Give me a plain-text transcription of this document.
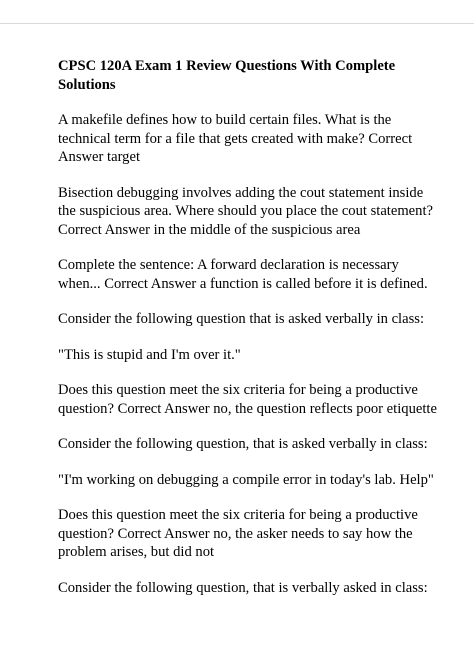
CPSC 120A Exam 1 Review Questions With Complete Solutions

A makefile defines how to build certain files. What is the technical term for a file that gets created with make? Correct Answer target

Bisection debugging involves adding the cout statement inside the suspicious area. Where should you place the cout statement? Correct Answer in the middle of the suspicious area

Complete the sentence: A forward declaration is necessary when... Correct Answer a function is called before it is defined.

Consider the following question that is asked verbally in class:

"This is stupid and I'm over it."

Does this question meet the six criteria for being a productive question? Correct Answer no, the question reflects poor etiquette

Consider the following question, that is asked verbally in class:

"I'm working on debugging a compile error in today's lab. Help"

Does this question meet the six criteria for being a productive question? Correct Answer no, the asker needs to say how the problem arises, but did not

Consider the following question, that is verbally asked in class:
